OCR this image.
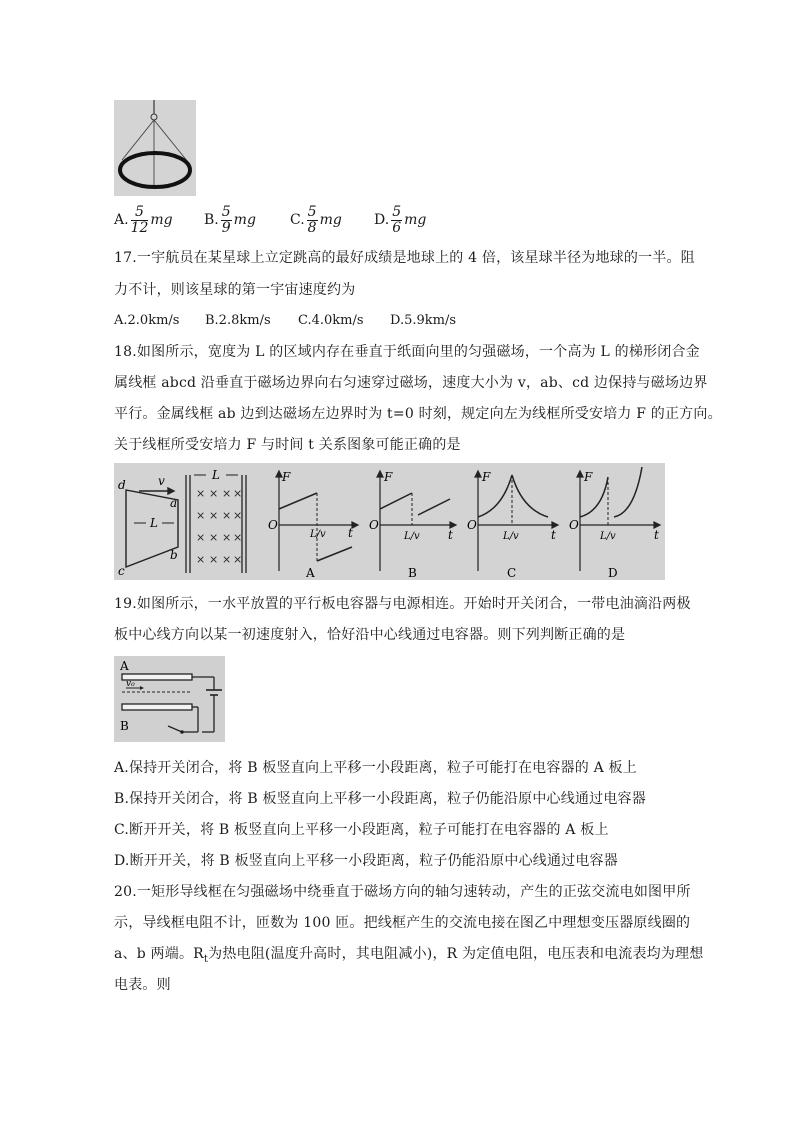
A. $\frac{5}{12}$ mg B. $\frac{5}{9}$ mg C. $\frac{5}{8}$ mg D. $\frac{5}{6}$ mg
17.一宇航员在某星球上立定跳高的最好成绩是地球上的 4 倍，该星球半径为地球的一半。阻
力不计，则该星球的第一宇宙速度约为
A.2.0km/s B.2.8km/s C.4.0km/s D.5.9km/s
18.如图所示，宽度为 L 的区域内存在垂直于纸面向里的匀强磁场，一个高为 L 的梯形闭合金
属线框 abcd 沿垂直于磁场边界向右匀速穿过磁场，速度大小为 v，ab、cd 边保持与磁场边界
平行。金属线框 ab 边到达磁场左边界时为 t=0 时刻，规定向左为线框所受安培力 F 的正方向。
关于线框所受安培力 F 与时间 t 关系图象可能正确的是
d
a
b
c
v
L
L
× × × ×
× × × ×
× × × ×
× × × ×
F
t
O
L/v
A
F
t
O
L/v
B
F
t
O
L/v
C
F
t
O
L/v
D
19.如图所示，一水平放置的平行板电容器与电源相连。开始时开关闭合，一带电油滴沿两极
板中心线方向以某一初速度射入，恰好沿中心线通过电容器。则下列判断正确的是
A
B
v₀
A.保持开关闭合，将 B 板竖直向上平移一小段距离，粒子可能打在电容器的 A 板上
B.保持开关闭合，将 B 板竖直向上平移一小段距离，粒子仍能沿原中心线通过电容器
C.断开开关，将 B 板竖直向上平移一小段距离，粒子可能打在电容器的 A 板上
D.断开开关，将 B 板竖直向上平移一小段距离，粒子仍能沿原中心线通过电容器
20.一矩形导线框在匀强磁场中绕垂直于磁场方向的轴匀速转动，产生的正弦交流电如图甲所
示，导线框电阻不计，匝数为 100 匝。把线框产生的交流电接在图乙中理想变压器原线圈的
a、b 两端。$R_t$为热电阻(温度升高时，其电阻减小)，R 为定值电阻，电压表和电流表均为理想
电表。则
